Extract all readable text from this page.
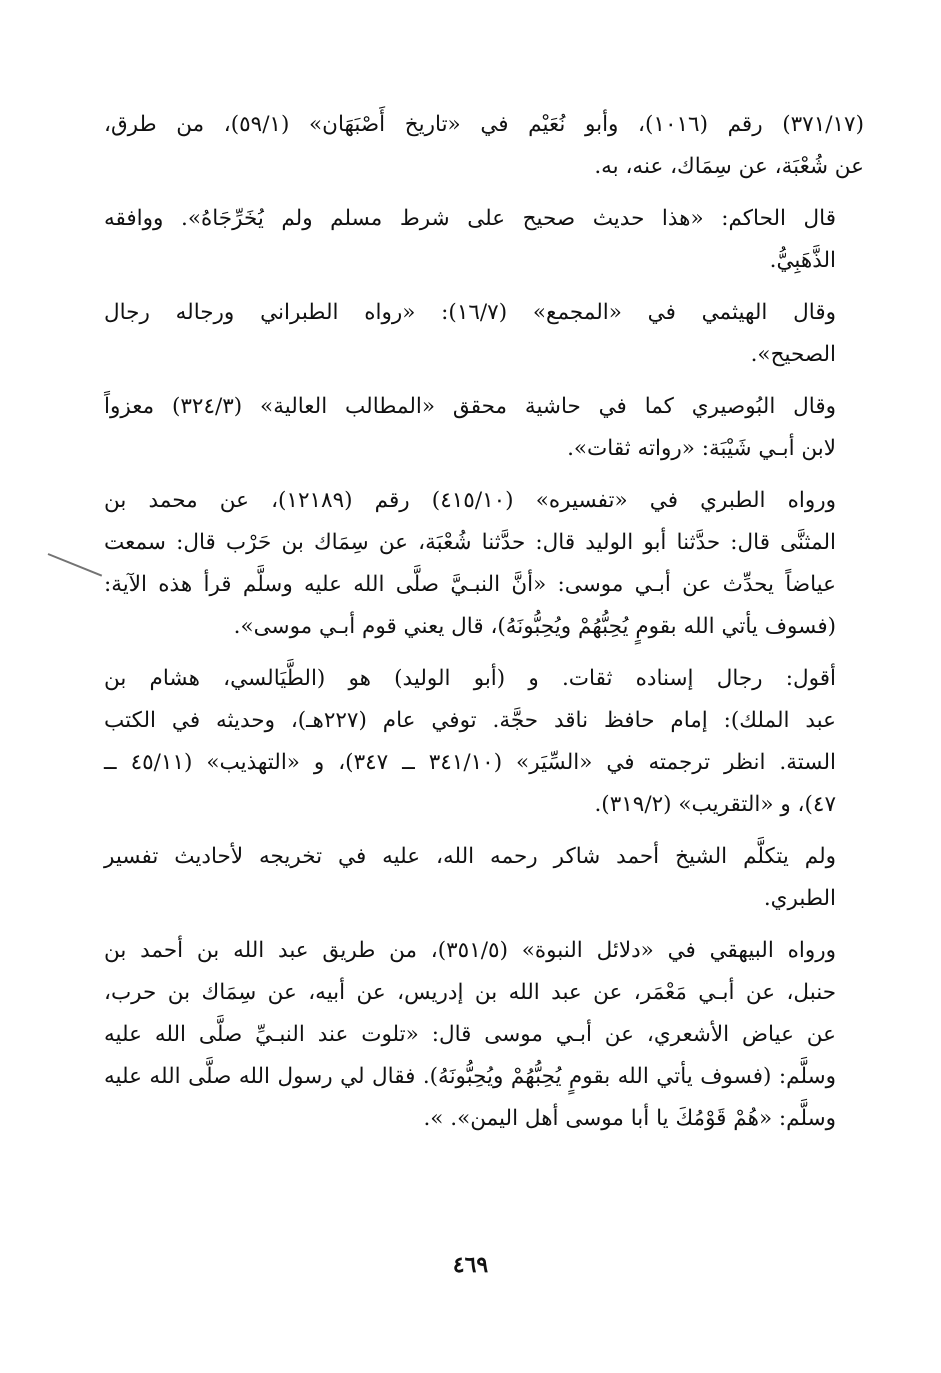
(٣٧١/١٧) رقم (١٠١٦)، وأبو نُعَيْم في «تاريخ أَصْبَهَان» (٥٩/١)، من طرق،
عن شُعْبَة، عن سِمَاك، عنه، به.
قال الحاكم: «هذا حديث صحيح على شرط مسلم ولم يُخَرِّجَاهُ». ووافقه
الذَّهَبِيُّ.
وقال الهيثمي في «المجمع» (١٦/٧): «رواه الطبراني ورجاله رجال
الصحيح».
وقال البُوصيري كما في حاشية محقق «المطالب العالية» (٣٢٤/٣) معزواً
لابن أبـي شَيْبَة: «رواته ثقات».
ورواه الطبري في «تفسيره» (٤١٥/١٠) رقم (١٢١٨٩)، عن محمد بن
المثنَّى قال: حدَّثنا أبو الوليد قال: حدَّثنا شُعْبَة، عن سِمَاك بن حَرْب قال: سمعت
عياضاً يحدِّث عن أبـي موسى: «أنَّ النبـيَّ صلَّى الله عليه وسلَّم قرأ هذه الآية:
(فسوف يأتي الله بقومٍ يُحِبُّهُمْ ويُحِبُّونَهُ)، قال يعني قوم أبـي موسى».
أقول: رجال إسناده ثقات. و (أبو الوليد) هو (الطَّيَالسي، هشام بن
عبد الملك): إمام حافظ ناقد حجَّة. توفي عام (٢٢٧هـ)، وحديثه في الكتب
الستة. انظر ترجمته في «السِّيَر» (٣٤١/١٠ ــ ٣٤٧)، و «التهذيب» (٤٥/١١ ــ
٤٧)، و «التقريب» (٣١٩/٢).
ولم يتكلَّم الشيخ أحمد شاكر رحمه الله، عليه في تخريجه لأحاديث تفسير
الطبري.
ورواه البيهقي في «دلائل النبوة» (٣٥١/٥)، من طريق عبد الله بن أحمد بن
حنبل، عن أبـي مَعْمَر، عن عبد الله بن إدريس، عن أبيه، عن سِمَاك بن حرب،
عن عياض الأشعري، عن أبـي موسى قال: «تلوت عند النبـيِّ صلَّى الله عليه
وسلَّم: (فسوف يأتي الله بقومٍ يُحِبُّهُمْ ويُحِبُّونَهُ). فقال لي رسول الله صلَّى الله عليه
وسلَّم: «هُمْ قَوْمُكَ يا أبا موسى أهل اليمن». ».
٤٦٩
